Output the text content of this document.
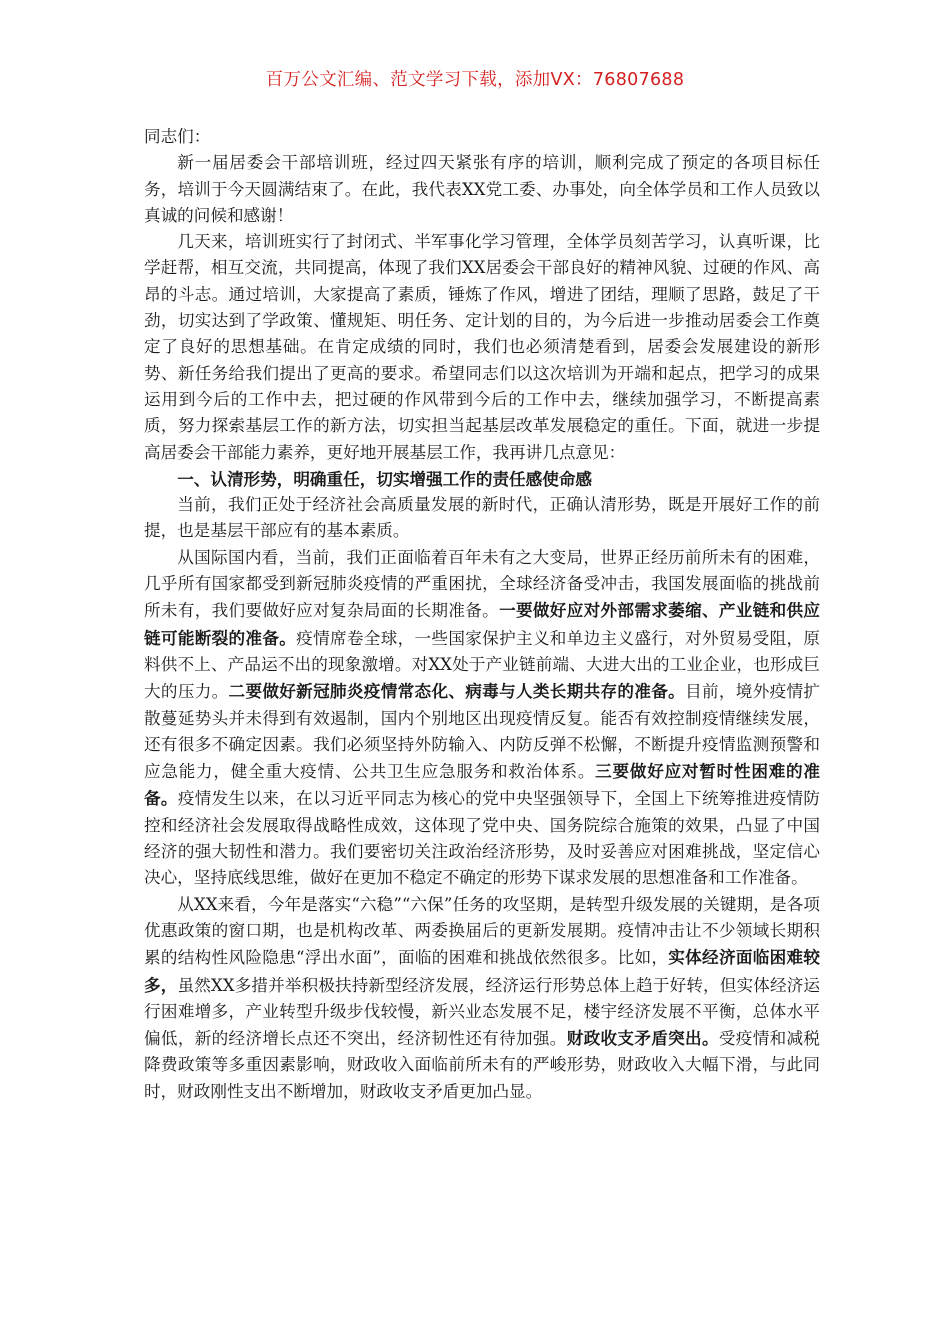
百万公文汇编、范文学习下载，添加VX：76807688

同志们：

新一届居委会干部培训班，经过四天紧张有序的培训，顺利完成了预定的各项目标任务，培训于今天圆满结束了。在此，我代表XX党工委、办事处，向全体学员和工作人员致以真诚的问候和感谢！

几天来，培训班实行了封闭式、半军事化学习管理，全体学员刻苦学习，认真听课，比学赶帮，相互交流，共同提高，体现了我们XX居委会干部良好的精神风貌、过硬的作风、高昂的斗志。通过培训，大家提高了素质，锤炼了作风，增进了团结，理顺了思路，鼓足了干劲，切实达到了学政策、懂规矩、明任务、定计划的目的，为今后进一步推动居委会工作奠定了良好的思想基础。在肯定成绩的同时，我们也必须清楚看到，居委会发展建设的新形势、新任务给我们提出了更高的要求。希望同志们以这次培训为开端和起点，把学习的成果运用到今后的工作中去，把过硬的作风带到今后的工作中去，继续加强学习，不断提高素质，努力探索基层工作的新方法，切实担当起基层改革发展稳定的重任。下面，就进一步提高居委会干部能力素养，更好地开展基层工作，我再讲几点意见：

一、认清形势，明确重任，切实增强工作的责任感使命感

当前，我们正处于经济社会高质量发展的新时代，正确认清形势，既是开展好工作的前提，也是基层干部应有的基本素质。

从国际国内看，当前，我们正面临着百年未有之大变局，世界正经历前所未有的困难，几乎所有国家都受到新冠肺炎疫情的严重困扰，全球经济备受冲击，我国发展面临的挑战前所未有，我们要做好应对复杂局面的长期准备。一要做好应对外部需求萎缩、产业链和供应链可能断裂的准备。疫情席卷全球，一些国家保护主义和单边主义盛行，对外贸易受阻，原料供不上、产品运不出的现象激增。对XX处于产业链前端、大进大出的工业企业，也形成巨大的压力。二要做好新冠肺炎疫情常态化、病毒与人类长期共存的准备。目前，境外疫情扩散蔓延势头并未得到有效遏制，国内个别地区出现疫情反复。能否有效控制疫情继续发展，还有很多不确定因素。我们必须坚持外防输入、内防反弹不松懈，不断提升疫情监测预警和应急能力，健全重大疫情、公共卫生应急服务和救治体系。三要做好应对暂时性困难的准备。疫情发生以来，在以习近平同志为核心的党中央坚强领导下，全国上下统筹推进疫情防控和经济社会发展取得战略性成效，这体现了党中央、国务院综合施策的效果，凸显了中国经济的强大韧性和潜力。我们要密切关注政治经济形势，及时妥善应对困难挑战，坚定信心决心，坚持底线思维，做好在更加不稳定不确定的形势下谋求发展的思想准备和工作准备。

从XX来看，今年是落实“六稳”“六保”任务的攻坚期，是转型升级发展的关键期，是各项优惠政策的窗口期，也是机构改革、两委换届后的更新发展期。疫情冲击让不少领域长期积累的结构性风险隐患“浮出水面”，面临的困难和挑战依然很多。比如，实体经济面临困难较多，虽然XX多措并举积极扶持新型经济发展，经济运行形势总体上趋于好转，但实体经济运行困难增多，产业转型升级步伐较慢，新兴业态发展不足，楼宇经济发展不平衡，总体水平偏低，新的经济增长点还不突出，经济韧性还有待加强。财政收支矛盾突出。受疫情和减税降费政策等多重因素影响，财政收入面临前所未有的严峻形势，财政收入大幅下滑，与此同时，财政刚性支出不断增加，财政收支矛盾更加凸显。
